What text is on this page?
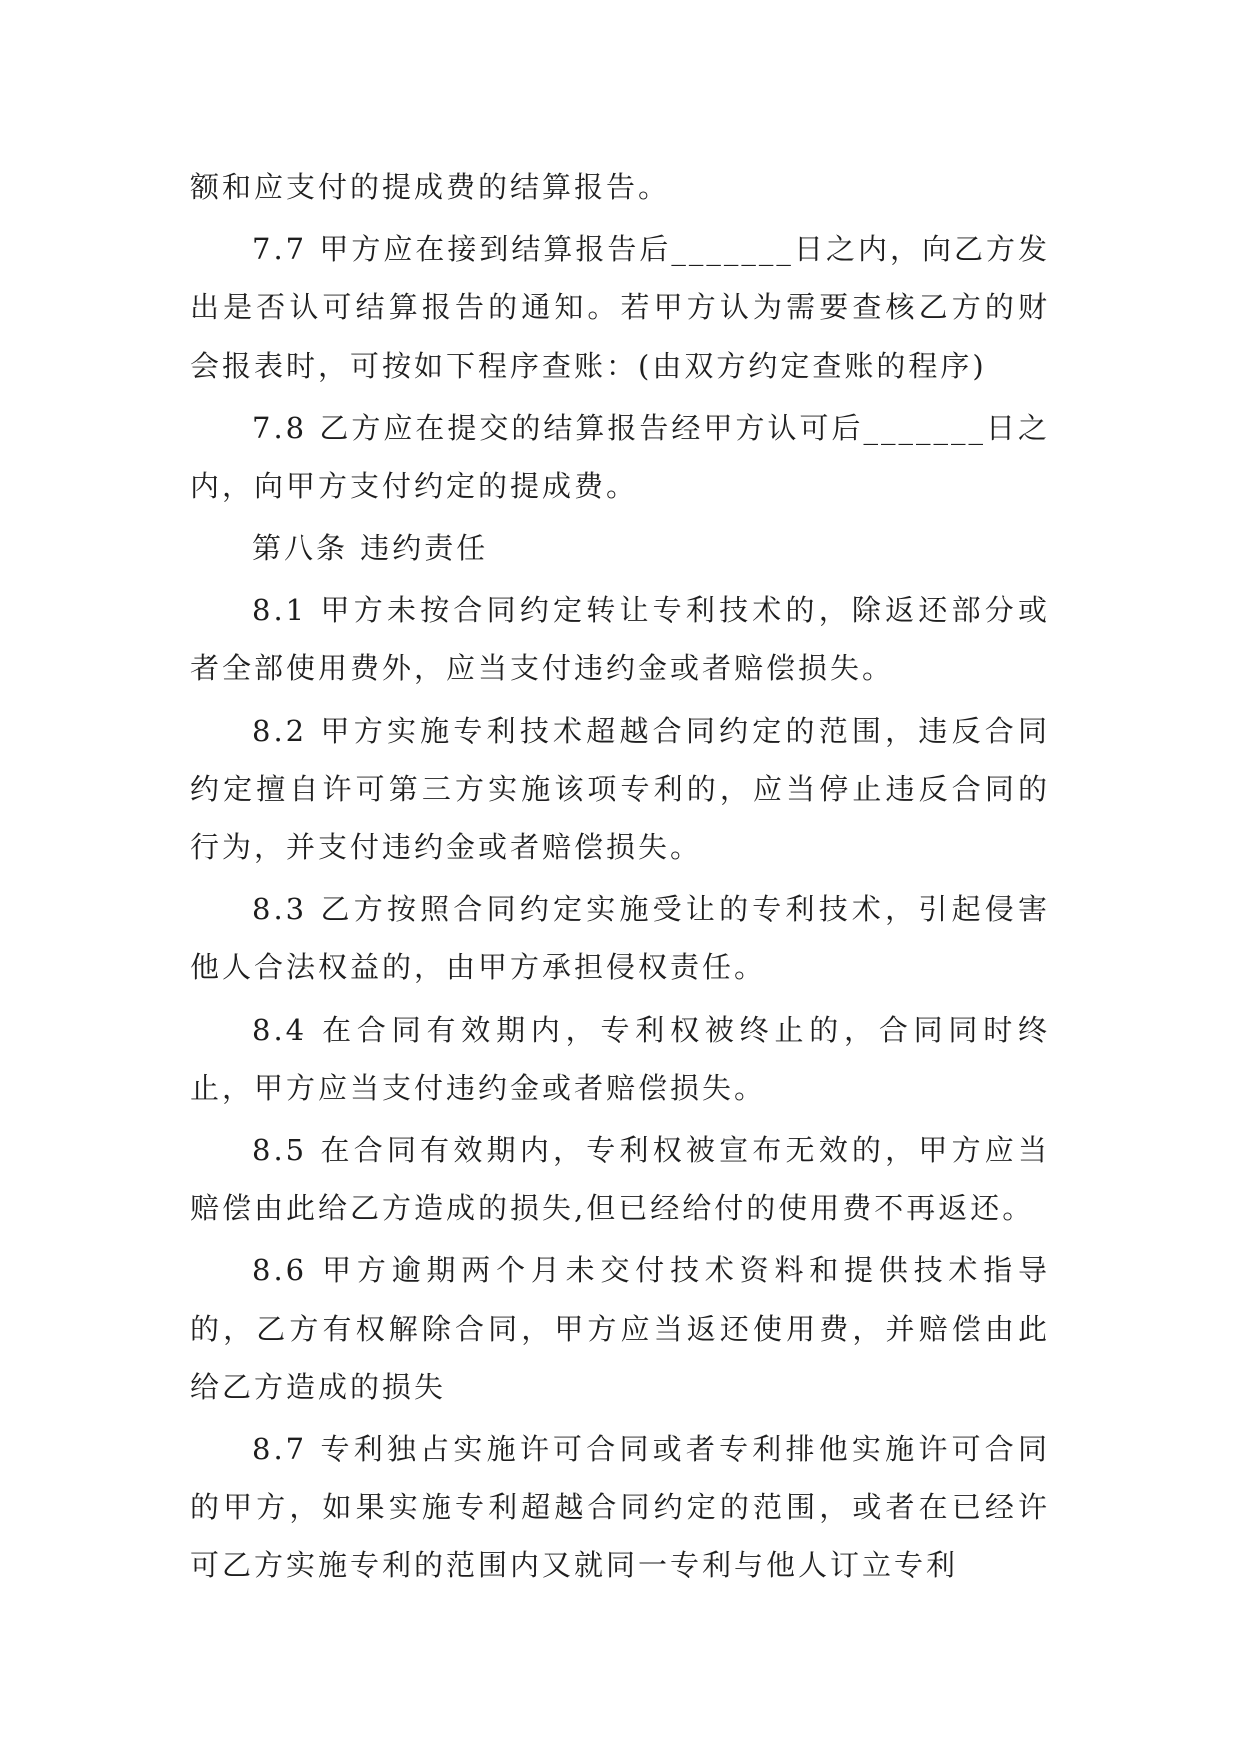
额和应支付的提成费的结算报告。

7.7 甲方应在接到结算报告后_______日之内，向乙方发出是否认可结算报告的通知。若甲方认为需要查核乙方的财会报表时，可按如下程序查账：(由双方约定查账的程序)

7.8 乙方应在提交的结算报告经甲方认可后_______日之内，向甲方支付约定的提成费。

第八条 违约责任

8.1 甲方未按合同约定转让专利技术的，除返还部分或者全部使用费外，应当支付违约金或者赔偿损失。

8.2 甲方实施专利技术超越合同约定的范围，违反合同约定擅自许可第三方实施该项专利的，应当停止违反合同的行为，并支付违约金或者赔偿损失。

8.3 乙方按照合同约定实施受让的专利技术，引起侵害他人合法权益的，由甲方承担侵权责任。

8.4 在合同有效期内，专利权被终止的，合同同时终止，甲方应当支付违约金或者赔偿损失。

8.5 在合同有效期内，专利权被宣布无效的，甲方应当赔偿由此给乙方造成的损失,但已经给付的使用费不再返还。

8.6 甲方逾期两个月未交付技术资料和提供技术指导的，乙方有权解除合同，甲方应当返还使用费，并赔偿由此给乙方造成的损失

8.7 专利独占实施许可合同或者专利排他实施许可合同的甲方，如果实施专利超越合同约定的范围，或者在已经许可乙方实施专利的范围内又就同一专利与他人订立专利
